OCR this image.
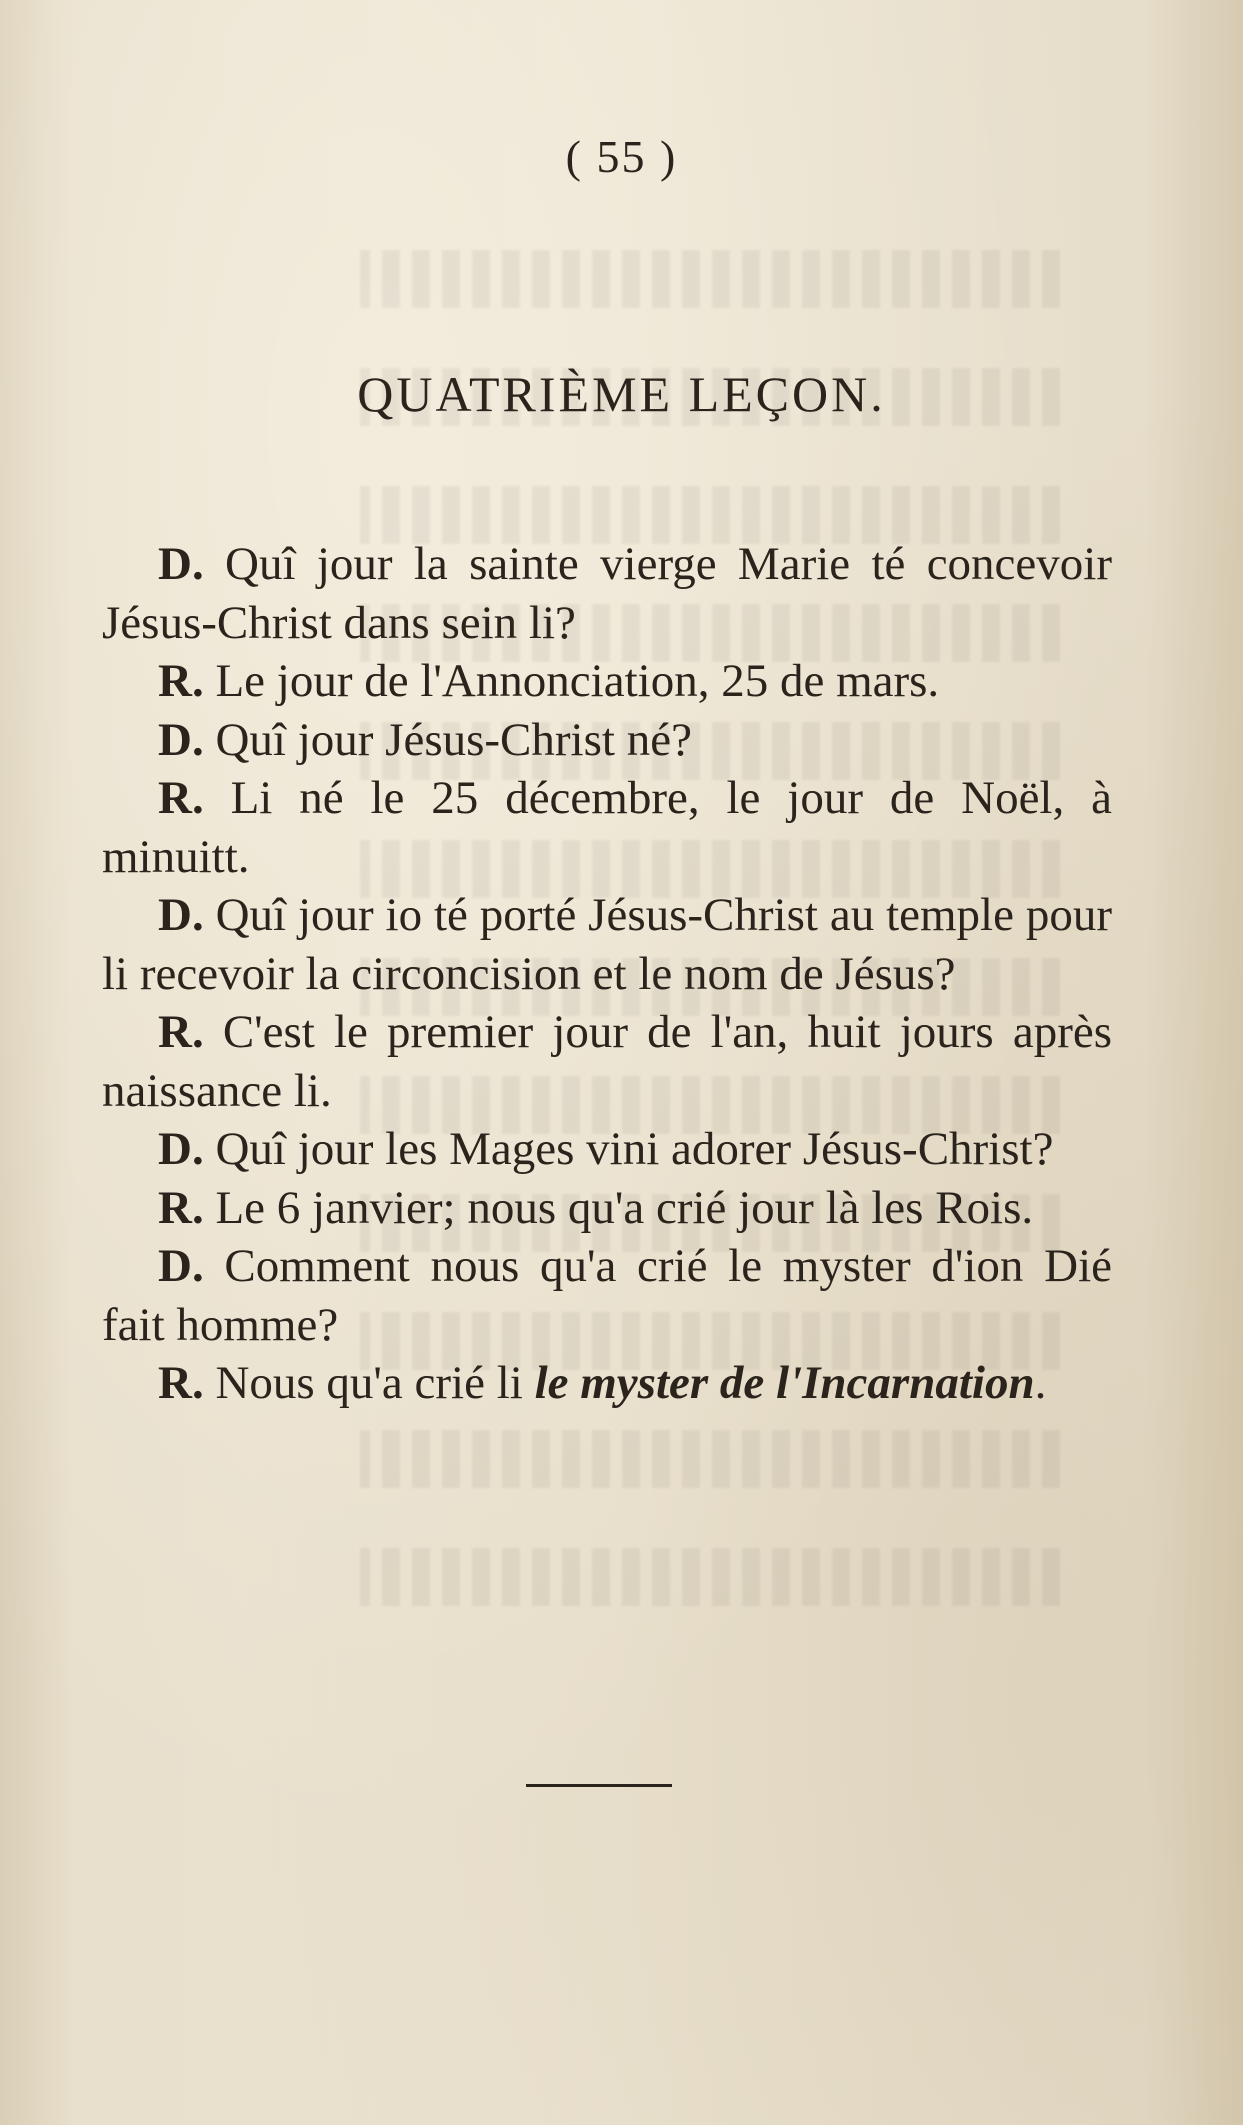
( 55 )
QUATRIÈME LEÇON.

D. Quî jour la sainte vierge Marie té concevoir Jésus-Christ dans sein li?

R. Le jour de l'Annonciation, 25 de mars.

D. Quî jour Jésus-Christ né?

R. Li né le 25 décembre, le jour de Noël, à minuitt.

D. Quî jour io té porté Jésus-Christ au temple pour li recevoir la circoncision et le nom de Jésus?

R. C'est le premier jour de l'an, huit jours après naissance li.

D. Quî jour les Mages vini adorer Jésus-Christ?

R. Le 6 janvier; nous qu'a crié jour là les Rois.

D. Comment nous qu'a crié le myster d'ion Dié fait homme?

R. Nous qu'a crié li le myster de l'Incarnation.
